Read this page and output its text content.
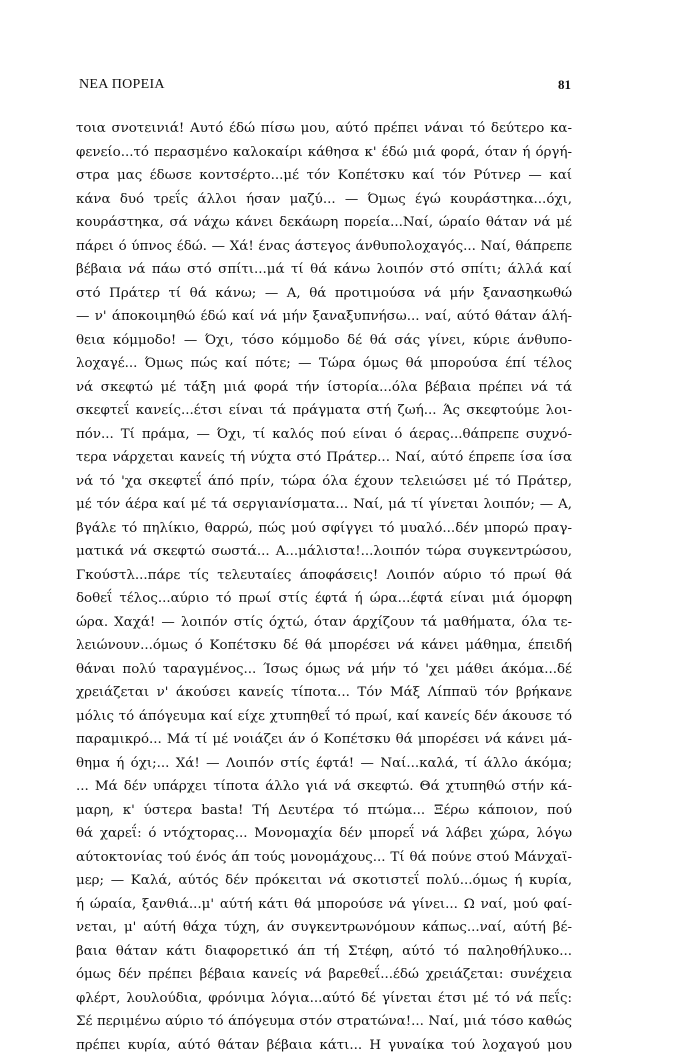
ΝΕΑ ΠΟΡΕΙΑ	81
τοια σνοτεινιά! Αυτό έδώ πίσω μου, αύτό πρέπει νάναι τό δεύτερο κα-
φενείο...τό περασμένο καλοκαίρι κάθησα κ' έδώ μιά φορά, όταν ή όργή-
στρα μας έδωσε κοντσέρτο...μέ τόν Κοπέτσκυ καί τόν Ρύτνερ — καί
κάνα δυό τρεΐς άλλοι ήσαν μαζύ... — Όμως έγώ κουράστηκα...όχι,
κουράστηκα, σά νάχω κάνει δεκάωρη πορεία...Ναί, ώραίο θάταν νά μέ
πάρει ό ύπνος έδώ. — Χά! ένας άστεγος άνθυπολοχαγός... Ναί, θάπρεπε
βέβαια νά πάω στό σπίτι...μά τί θά κάνω λοιπόν στό σπίτι; άλλά καί
στό Πράτερ τί θά κάνω; — Α, θά προτιμούσα νά μήν ξανασηκωθώ
— ν' άποκοιμηθώ έδώ καί νά μήν ξαναξυπνήσω... ναί, αύτό θάταν άλή-
θεια κόμμοδο! — Όχι, τόσο κόμμοδο δέ θά σάς γίνει, κύριε άνθυπο-
λοχαγέ... Όμως πώς καί πότε; — Τώρα όμως θά μπορούσα έπί τέλος
νά σκεφτώ μέ τάξη μιά φορά τήν ίστορία...όλα βέβαια πρέπει νά τά
σκεφτεΐ κανείς...έτσι είναι τά πράγματα στή ζωή... Άς σκεφτούμε λοι-
πόν... Τί πράμα, — Όχι, τί καλός πού είναι ό άερας...θάπρεπε συχνό-
τερα νάρχεται κανείς τή νύχτα στό Πράτερ... Ναί, αύτό έπρεπε ίσα ίσα
νά τό 'χα σκεφτεΐ άπό πρίν, τώρα όλα έχουν τελειώσει μέ τό Πράτερ,
μέ τόν άέρα καί μέ τά σεργιανίσματα... Ναί, μά τί γίνεται λοιπόν; — Α,
βγάλε τό πηλίκιο, θαρρώ, πώς μού σφίγγει τό μυαλό...δέν μπορώ πραγ-
ματικά νά σκεφτώ σωστά... Α...μάλιστα!...λοιπόν τώρα συγκεντρώσου,
Γκούστλ...πάρε τίς τελευταίες άποφάσεις! Λοιπόν αύριο τό πρωί θά
δοθεΐ τέλος...αύριο τό πρωί στίς έφτά ή ώρα...έφτά είναι μιά όμορφη
ώρα. Χαχά! — λοιπόν στίς όχτώ, όταν άρχίζουν τά μαθήματα, όλα τε-
λειώνουν...όμως ό Κοπέτσκυ δέ θά μπορέσει νά κάνει μάθημα, έπειδή
θάναι πολύ ταραγμένος... Ίσως όμως νά μήν τό 'χει μάθει άκόμα...δέ
χρειάζεται ν' άκούσει κανείς τίποτα... Τόν Μάξ Λίππαϋ τόν βρήκανε
μόλις τό άπόγευμα καί είχε χτυπηθεΐ τό πρωί, καί κανείς δέν άκουσε τό
παραμικρό... Μά τί μέ νοιάζει άν ό Κοπέτσκυ θά μπορέσει νά κάνει μά-
θημα ή όχι;... Χά! — Λοιπόν στίς έφτά! — Ναί...καλά, τί άλλο άκόμα;
... Μά δέν υπάρχει τίποτα άλλο γιά νά σκεφτώ. Θά χτυπηθώ στήν κά-
μαρη, κ' ύστερα basta! Τή Δευτέρα τό πτώμα... Ξέρω κάποιον, πού
θά χαρεΐ: ό ντόχτορας... Μονομαχία δέν μπορεΐ νά λάβει χώρα, λόγω
αύτοκτονίας τού ένός άπ τούς μονομάχους... Τί θά πούνε στού Μάνχαϊ-
μερ; — Καλά, αύτός δέν πρόκειται νά σκοτιστεΐ πολύ...όμως ή κυρία,
ή ώραία, ξανθιά...μ' αύτή κάτι θά μπορούσε νά γίνει... Ω ναί, μού φαί-
νεται, μ' αύτή θάχα τύχη, άν συγκεντρωνόμουν κάπως...ναί, αύτή βέ-
βαια θάταν κάτι διαφορετικό άπ τή Στέφη, αύτό τό παληοθήλυκο...
όμως δέν πρέπει βέβαια κανείς νά βαρεθεΐ...έδώ χρειάζεται: συνέχεια
φλέρτ, λουλούδια, φρόνιμα λόγια...αύτό δέ γίνεται έτσι μέ τό νά πεΐς:
Σέ περιμένω αύριο τό άπόγευμα στόν στρατώνα!... Ναί, μιά τόσο καθώς
πρέπει κυρία, αύτό θάταν βέβαια κάτι... Η γυναίκα τού λοχαγού μου
